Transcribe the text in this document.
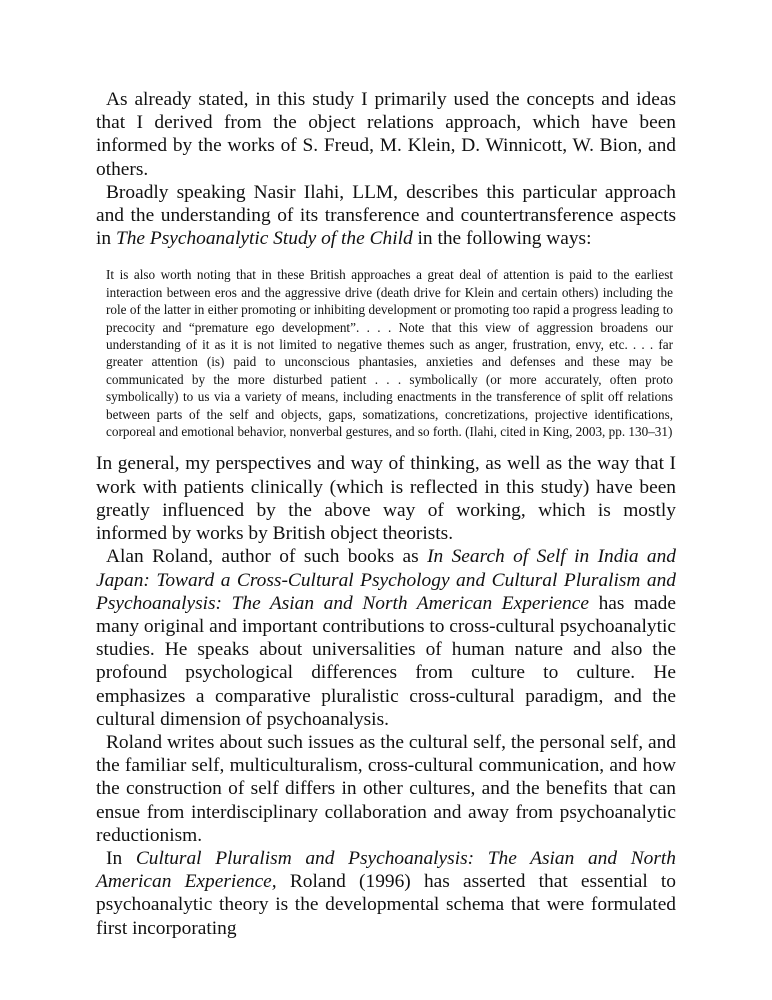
As already stated, in this study I primarily used the concepts and ideas that I derived from the object relations approach, which have been informed by the works of S. Freud, M. Klein, D. Winnicott, W. Bion, and others.

Broadly speaking Nasir Ilahi, LLM, describes this particular approach and the understanding of its transference and countertransference aspects in The Psychoanalytic Study of the Child in the following ways:

It is also worth noting that in these British approaches a great deal of attention is paid to the earliest interaction between eros and the aggressive drive (death drive for Klein and certain others) including the role of the latter in either promoting or inhibiting development or promoting too rapid a progress leading to precocity and “premature ego development”. . . . Note that this view of aggression broadens our understanding of it as it is not limited to negative themes such as anger, frustration, envy, etc. . . . far greater attention (is) paid to unconscious phantasies, anxieties and defenses and these may be communicated by the more disturbed patient . . . symbolically (or more accurately, often proto symbolically) to us via a variety of means, including enactments in the transference of split off relations between parts of the self and objects, gaps, somatizations, concretizations, projective identifications, corporeal and emotional behavior, nonverbal gestures, and so forth. (Ilahi, cited in King, 2003, pp. 130–31)

In general, my perspectives and way of thinking, as well as the way that I work with patients clinically (which is reflected in this study) have been greatly influenced by the above way of working, which is mostly informed by works by British object theorists.

Alan Roland, author of such books as In Search of Self in India and Japan: Toward a Cross-Cultural Psychology and Cultural Pluralism and Psychoanalysis: The Asian and North American Experience has made many original and important contributions to cross-cultural psychoanalytic studies. He speaks about universalities of human nature and also the profound psychological differences from culture to culture. He emphasizes a comparative pluralistic cross-cultural paradigm, and the cultural dimension of psychoanalysis.

Roland writes about such issues as the cultural self, the personal self, and the familiar self, multiculturalism, cross-cultural communication, and how the construction of self differs in other cultures, and the benefits that can ensue from interdisciplinary collaboration and away from psychoanalytic reductionism.

In Cultural Pluralism and Psychoanalysis: The Asian and North American Experience, Roland (1996) has asserted that essential to psychoanalytic theory is the developmental schema that were formulated first incorporating
